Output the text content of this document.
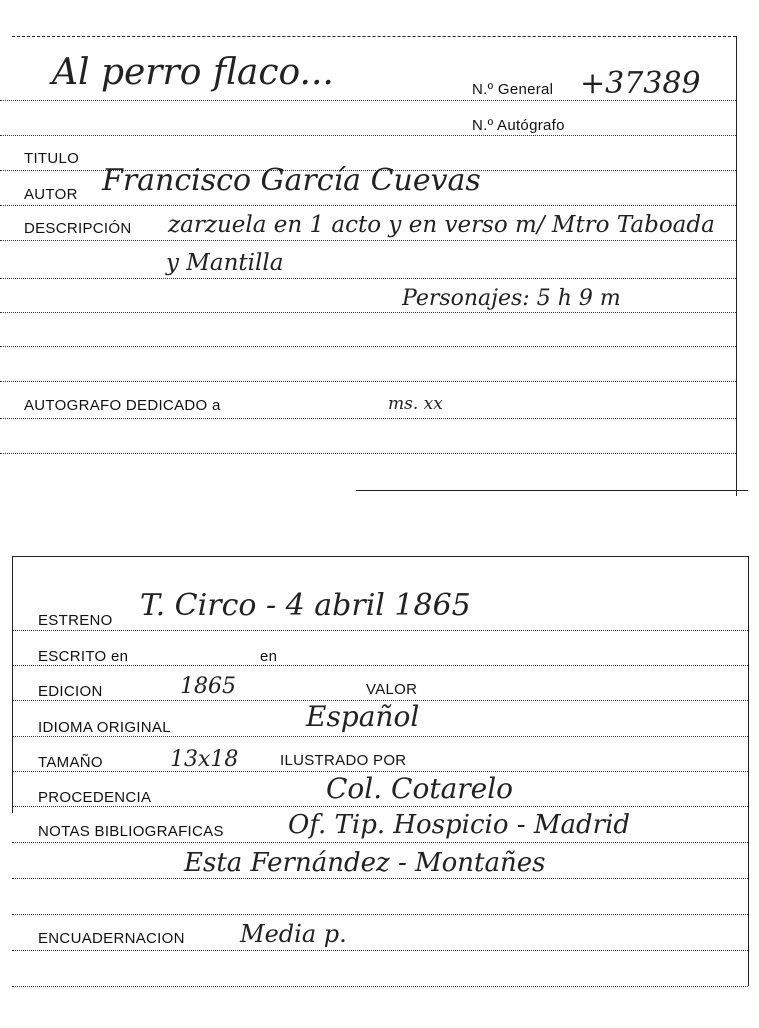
Al perro flaco...	N.º General +37389
N.º Autógrafo
TITULO
AUTOR Francisco García Cuevas
DESCRIPCIÓN zarzuela en 1 acto y en verso m/ Mtro Taboada
y Mantilla
Personajes: 5 h 9 m
AUTOGRAFO DEDICADO a	ms. xx
ESTRENO T. Circo - 4 abril 1865
ESCRITO en	en
EDICION	1865	VALOR
IDIOMA ORIGINAL	Español
TAMAÑO	13x18	ILUSTRADO POR
PROCEDENCIA	Col. Cotarelo
NOTAS BIBLIOGRAFICAS Of. Tip. Hospicio - Madrid
Esta Fernández - Montañes
ENCUADERNACION Media p.
